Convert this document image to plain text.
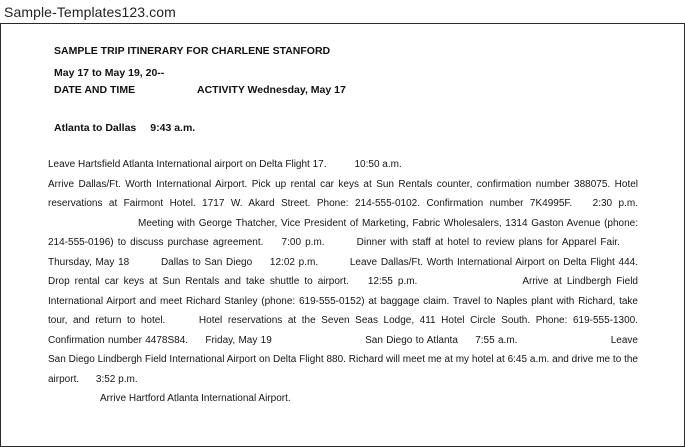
Sample-Templates123.com
SAMPLE TRIP ITINERARY FOR CHARLENE STANFORD
May 17 to May 19, 20--
DATE AND TIME	ACTIVITY Wednesday, May 17
Atlanta to Dallas 9:43 a.m.
Leave Hartsfield Atlanta International airport on Delta Flight 17.	10:50 a.m.
Arrive Dallas/Ft. Worth International Airport. Pick up rental car keys at Sun Rentals counter, confirmation number 388075. Hotel reservations at Fairmont Hotel. 1717 W. Akard Street. Phone: 214-555-0102. Confirmation number 7K4995F. 2:30 p.m. Meeting with George Thatcher, Vice President of Marketing, Fabric Wholesalers, 1314 Gaston Avenue (phone: 214-555-0196) to discuss purchase agreement. 7:00 p.m.	Dinner with staff at hotel to review plans for Apparel Fair. Thursday, May 18	Dallas to San Diego 12:02 p.m.	Leave Dallas/Ft. Worth International Airport on Delta Flight 444. Drop rental car keys at Sun Rentals and take shuttle to airport. 12:55 p.m.	Arrive at Lindbergh Field International Airport and meet Richard Stanley (phone: 619-555-0152) at baggage claim. Travel to Naples plant with Richard, take tour, and return to hotel.	Hotel reservations at the Seven Seas Lodge, 411 Hotel Circle South. Phone: 619-555-1300. Confirmation number 4478S84. Friday, May 19	San Diego to Atlanta 7:55 a.m.	Leave San Diego Lindbergh Field International Airport on Delta Flight 880. Richard will meet me at my hotel at 6:45 a.m. and drive me to the airport. 3:52 p.m.
Arrive Hartford Atlanta International Airport.
